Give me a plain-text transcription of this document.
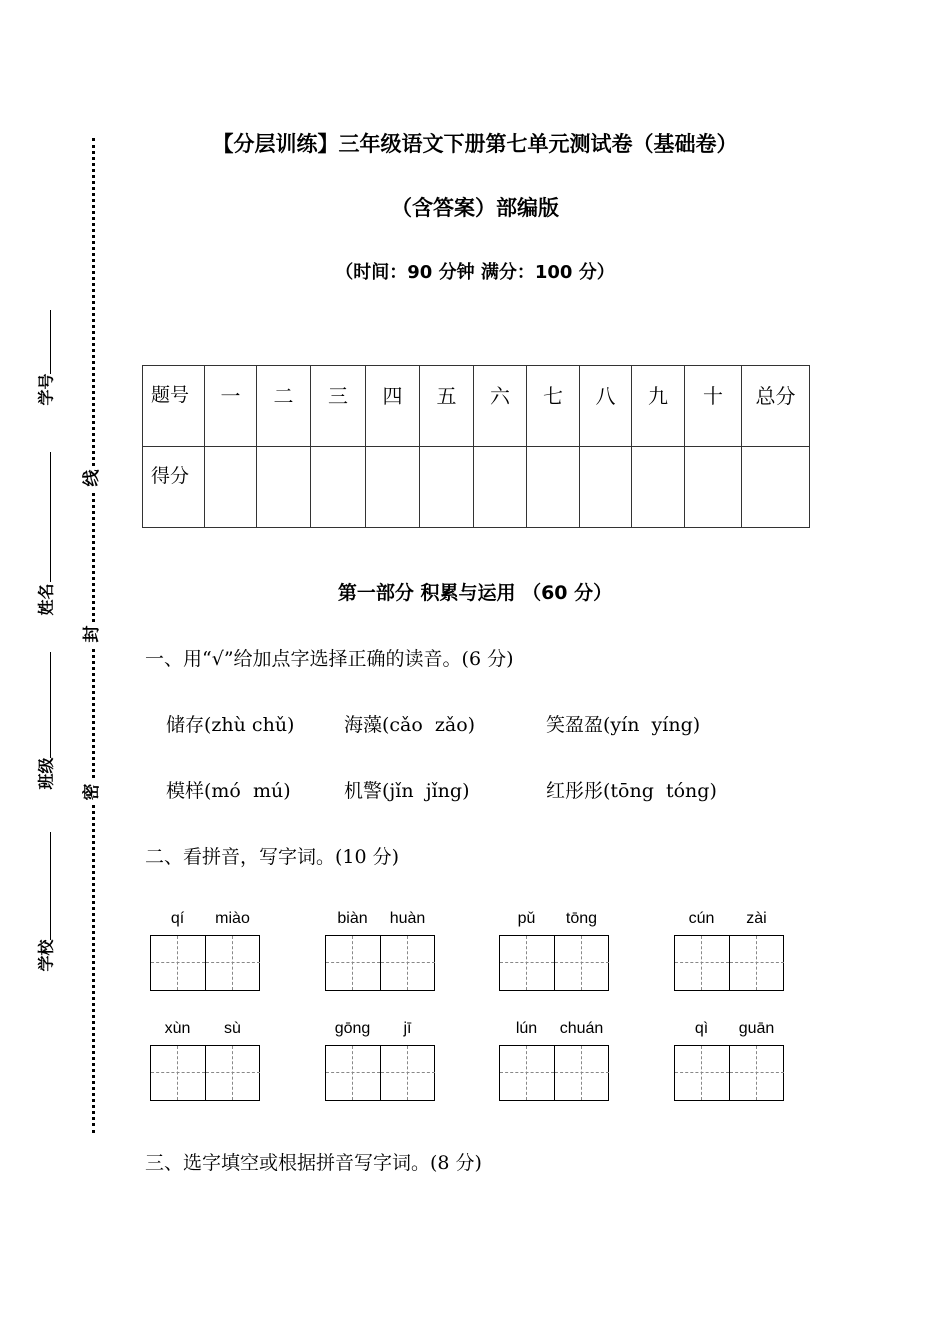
线
封
密
学号
姓名
班级
学校
【分层训练】三年级语文下册第七单元测试卷（基础卷）
（含答案）部编版
（时间：90 分钟 满分：100 分）
题号	一	二	三	四	五	六	七	八	九	十	总分
得分											
第一部分 积累与运用 （60 分）
一、用“√”给加点字选择正确的读音。(6 分)
储存(zhù chǔ)	海藻(cǎo  zǎo)	笑盈盈(yín  yíng)
模样(mó  mú)	机警(jǐn  jǐng)	红彤彤(tōng  tóng)
二、看拼音，写字词。(10 分)
qí	miào	biàn	huàn	pǔ	tōng	cún	zài
xùn	sù	gōng	jī	lún	chuán	qì	guān
三、选字填空或根据拼音写字词。(8 分)
